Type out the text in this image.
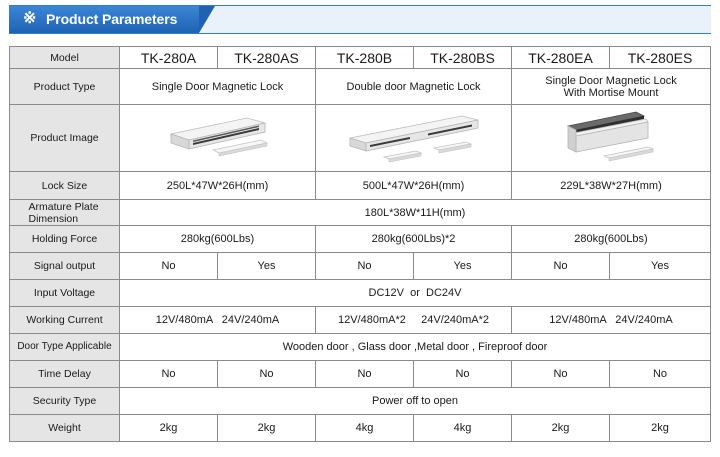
※ Product Parameters
Model	TK-280A	TK-280AS	TK-280B	TK-280BS	TK-280EA	TK-280ES
Product Type	Single Door Magnetic Lock		Double door Magnetic Lock		Single Door Magnetic Lock With Mortise Mount	

Product Image	

Lock Size	250L*47W*26H(mm)		500L*47W*26H(mm)		229L*38W*27H(mm)	

Armature Plate Dimension	180L*38W*11H(mm)					
Holding Force	280kg(600Lbs)		280kg(600Lbs)*2		280kg(600Lbs)	
Signal output	No	Yes	No	Yes	No	Yes
Input Voltage	DC12V  or  DC24V					
Working Current	12V/480mA   24V/240mA		12V/480mA*2     24V/240mA*2		12V/480mA   24V/240mA	
Door Type Applicable	Wooden door , Glass door ,Metal door , Fireproof door					
Time Delay	No	No	No	No	No	No
Security Type	Power off to open					
Weight	2kg	2kg	4kg	4kg	2kg	2kg
